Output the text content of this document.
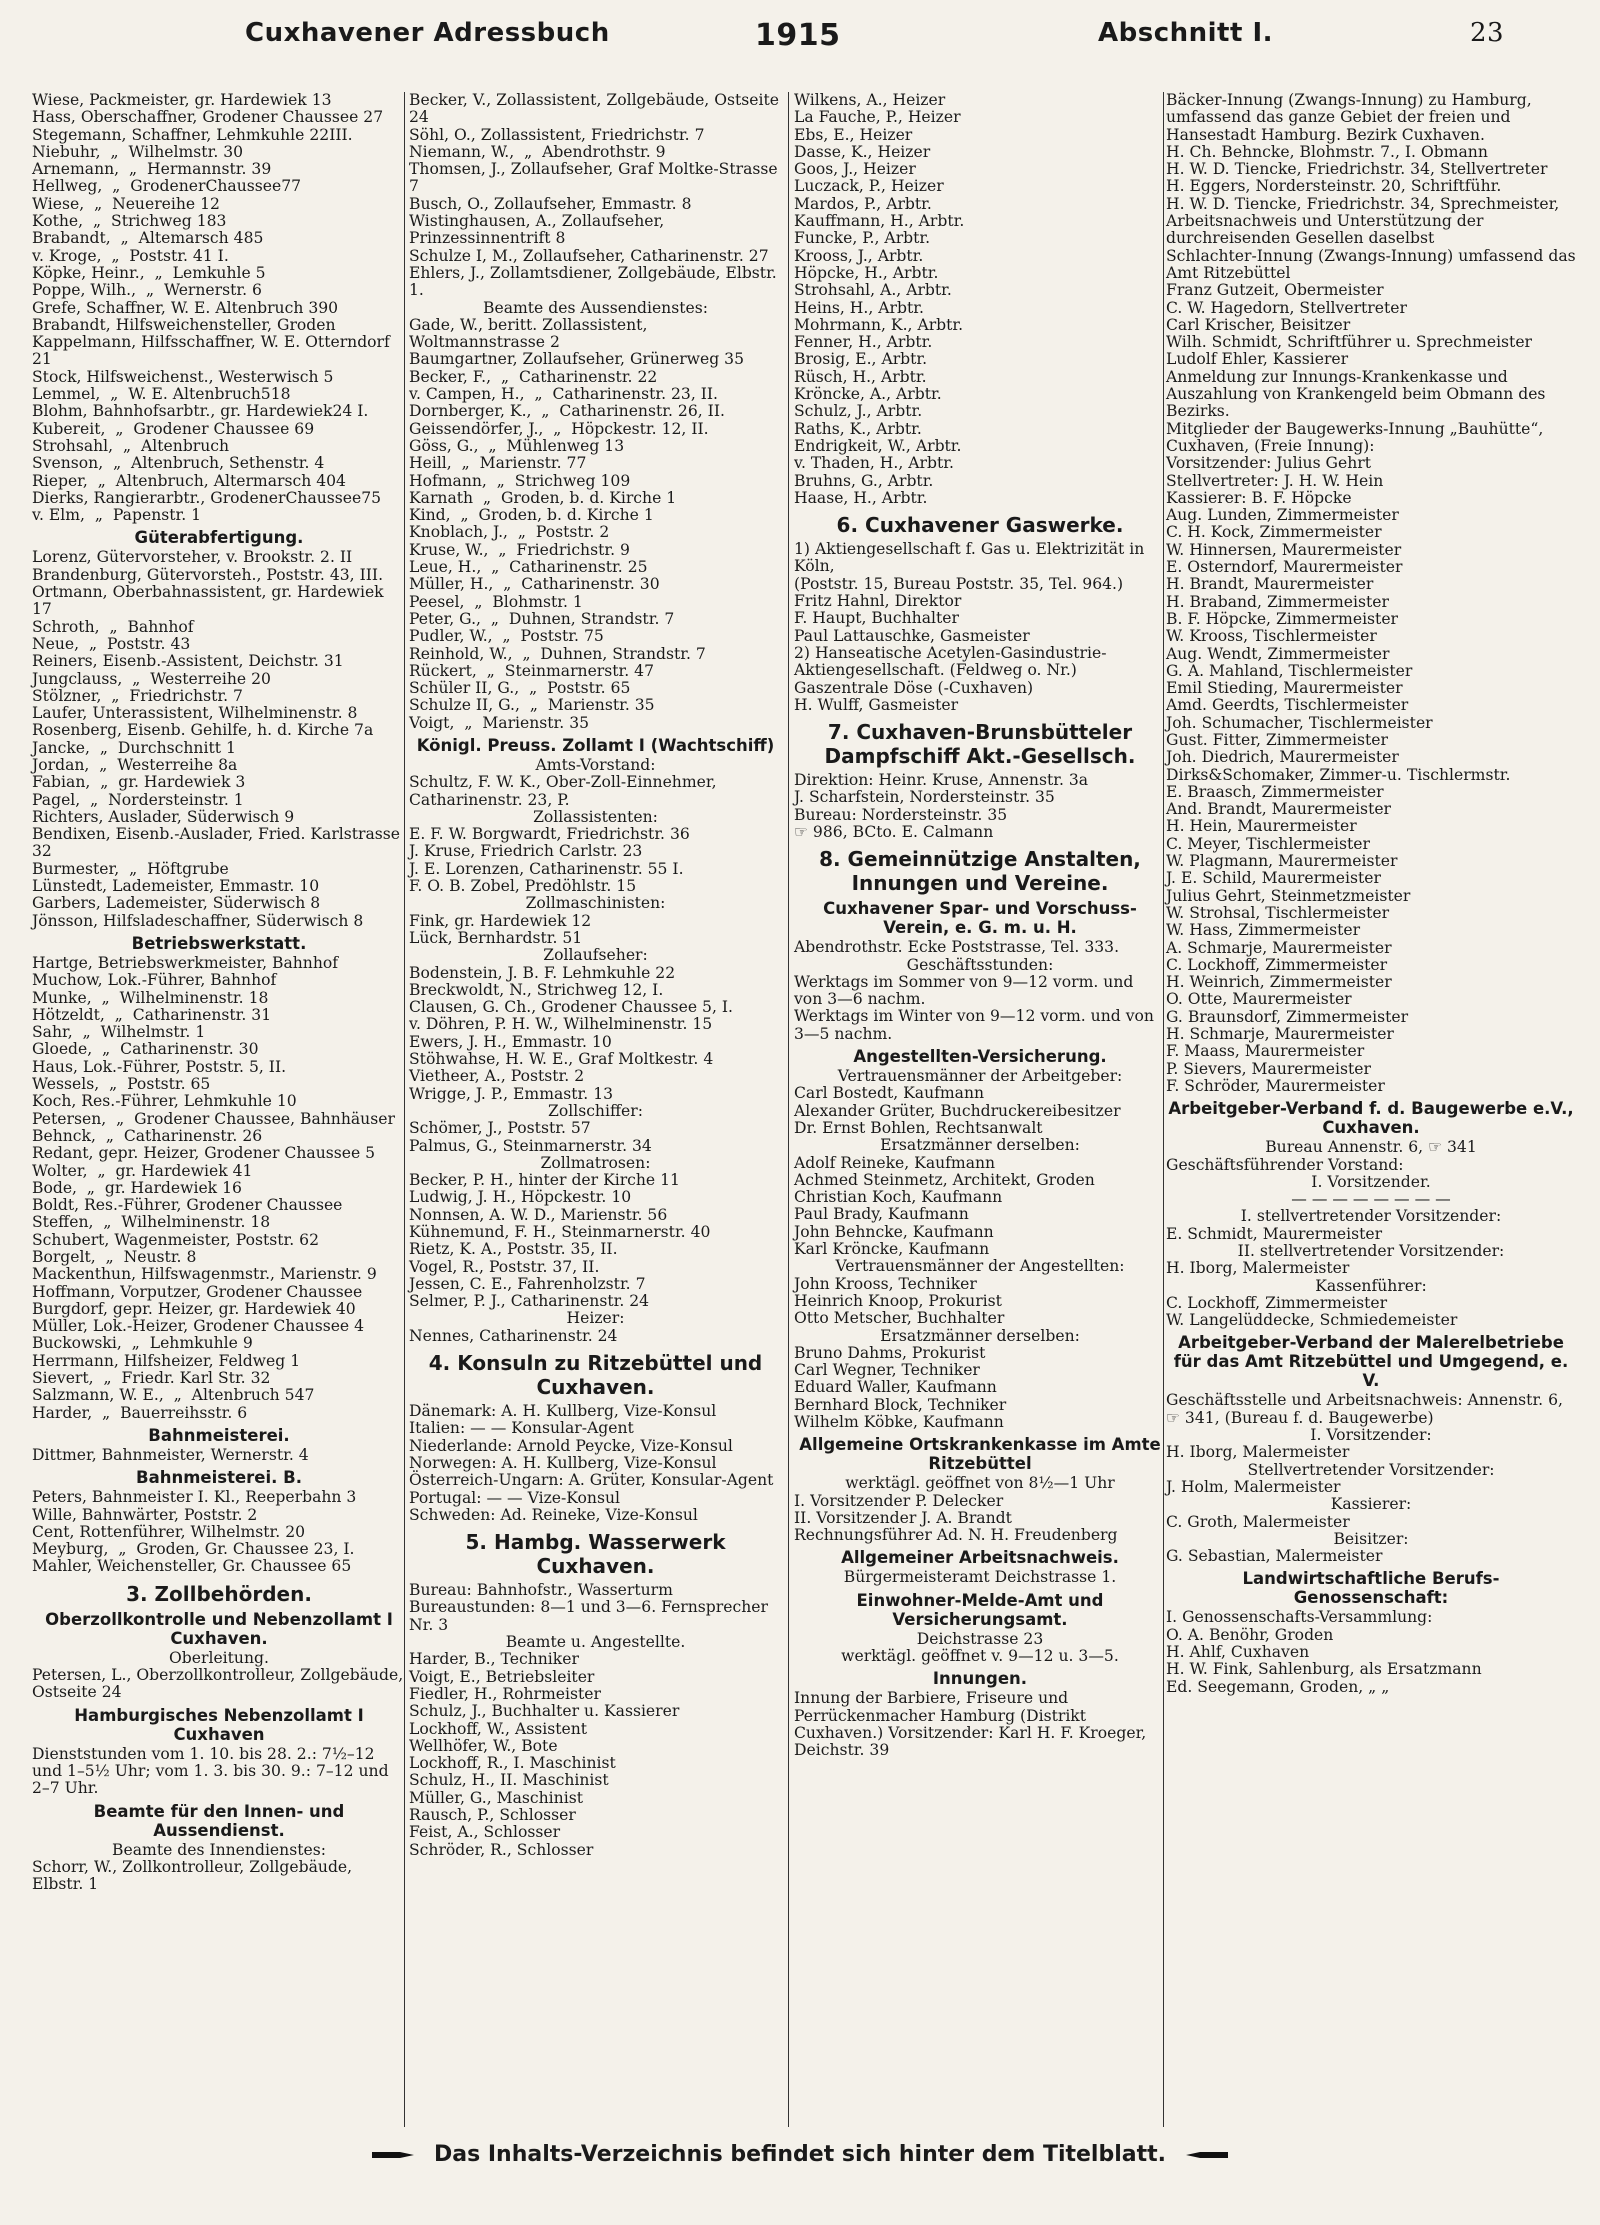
Cuxhavener Adressbuch	1915	Abschnitt I.	23
Wiese, Packmeister, gr. Hardewiek 13
Hass, Oberschaffner, Grodener Chaussee 27
Stegemann, Schaffner, Lehmkuhle 22III.
Niebuhr,  „  Wilhelmstr. 30
Arnemann,  „  Hermannstr. 39
Hellweg,  „  GrodenerChaussee77
Wiese,  „  Neuereihe 12
Kothe,  „  Strichweg 183
Brabandt,  „  Altemarsch 485
v. Kroge,  „  Poststr. 41 I.
Köpke, Heinr.,  „  Lemkuhle 5
Poppe, Wilh.,  „  Wernerstr. 6
Grefe, Schaffner, W. E. Altenbruch 390
Brabandt, Hilfsweichensteller, Groden
Kappelmann, Hilfsschaffner, W. E. Otterndorf 21
Stock, Hilfsweichenst., Westerwisch 5
Lemmel,  „  W. E. Altenbruch518
Blohm, Bahnhofsarbtr., gr. Hardewiek24 I.
Kubereit,  „  Grodener Chaussee 69
Strohsahl,  „  Altenbruch
Svenson,  „  Altenbruch, Sethenstr. 4
Rieper,  „  Altenbruch, Altermarsch 404
Dierks, Rangierarbtr., GrodenerChaussee75
v. Elm,  „  Papenstr. 1
Güterabfertigung.
Lorenz, Gütervorsteher, v. Brookstr. 2. II
Brandenburg, Gütervorsteh., Poststr. 43, III.
Ortmann, Oberbahnassistent, gr. Hardewiek 17
Schroth,  „  Bahnhof
Neue,  „  Poststr. 43
Reiners, Eisenb.-Assistent, Deichstr. 31
Jungclauss,  „  Westerreihe 20
Stölzner,  „  Friedrichstr. 7
Laufer, Unterassistent, Wilhelminenstr. 8
Rosenberg, Eisenb. Gehilfe, h. d. Kirche 7a
Jancke,  „  Durchschnitt 1
Jordan,  „  Westerreihe 8a
Fabian,  „  gr. Hardewiek 3
Pagel,  „  Nordersteinstr. 1
Richters, Auslader, Süderwisch 9
Bendixen, Eisenb.-Auslader, Fried. Karlstrasse 32
Burmester,  „  Höftgrube
Lünstedt, Lademeister, Emmastr. 10
Garbers, Lademeister, Süderwisch 8
Jönsson, Hilfsladeschaffner, Süderwisch 8
Betriebswerkstatt.
Hartge, Betriebswerkmeister, Bahnhof
Muchow, Lok.-Führer, Bahnhof
Munke,  „  Wilhelminenstr. 18
Hötzeldt,  „  Catharinenstr. 31
Sahr,  „  Wilhelmstr. 1
Gloede,  „  Catharinenstr. 30
Haus, Lok.-Führer, Poststr. 5, II.
Wessels,  „  Poststr. 65
Koch, Res.-Führer, Lehmkuhle 10
Petersen,  „  Grodener Chaussee, Bahnhäuser
Behnck,  „  Catharinenstr. 26
Redant, gepr. Heizer, Grodener Chaussee 5
Wolter,  „  gr. Hardewiek 41
Bode,  „  gr. Hardewiek 16
Boldt, Res.-Führer, Grodener Chaussee
Steffen,  „  Wilhelminenstr. 18
Schubert, Wagenmeister, Poststr. 62
Borgelt,  „  Neustr. 8
Mackenthun, Hilfswagenmstr., Marienstr. 9
Hoffmann, Vorputzer, Grodener Chaussee
Burgdorf, gepr. Heizer, gr. Hardewiek 40
Müller, Lok.-Heizer, Grodener Chaussee 4
Buckowski,  „  Lehmkuhle 9
Herrmann, Hilfsheizer, Feldweg 1
Sievert,  „  Friedr. Karl Str. 32
Salzmann, W. E.,  „  Altenbruch 547
Harder,  „  Bauerreihsstr. 6
Bahnmeisterei.
Dittmer, Bahnmeister, Wernerstr. 4
Bahnmeisterei. B.
Peters, Bahnmeister I. Kl., Reeperbahn 3
Wille, Bahnwärter, Poststr. 2
Cent, Rottenführer, Wilhelmstr. 20
Meyburg,  „  Groden, Gr. Chaussee 23, I.
Mahler, Weichensteller, Gr. Chaussee 65
3. Zollbehörden.
Oberzollkontrolle und Nebenzollamt I Cuxhaven.
Oberleitung.
Petersen, L., Oberzollkontrolleur, Zollgebäude, Ostseite 24
Hamburgisches Nebenzollamt I Cuxhaven
Dienststunden vom 1. 10. bis 28. 2.: 7½–12 und 1–5½ Uhr; vom 1. 3. bis 30. 9.: 7–12 und 2–7 Uhr.
Beamte für den Innen- und Aussendienst.
Beamte des Innendienstes:
Schorr, W., Zollkontrolleur, Zollgebäude, Elbstr. 1
Becker, V., Zollassistent, Zollgebäude, Ostseite 24
Söhl, O., Zollassistent, Friedrichstr. 7
Niemann, W.,  „  Abendrothstr. 9
Thomsen, J., Zollaufseher, Graf Moltke-Strasse 7
Busch, O., Zollaufseher, Emmastr. 8
Wistinghausen, A., Zollaufseher, Prinzessinnentrift 8
Schulze I, M., Zollaufseher, Catharinenstr. 27
Ehlers, J., Zollamtsdiener, Zollgebäude, Elbstr. 1.
Beamte des Aussendienstes:
Gade, W., beritt. Zollassistent, Woltmannstrasse 2
Baumgartner, Zollaufseher, Grünerweg 35
Becker, F.,  „  Catharinenstr. 22
v. Campen, H.,  „  Catharinenstr. 23, II.
Dornberger, K.,  „  Catharinenstr. 26, II.
Geissendörfer, J.,  „  Höpckestr. 12, II.
Göss, G.,  „  Mühlenweg 13
Heill,  „  Marienstr. 77
Hofmann,  „  Strichweg 109
Karnath  „  Groden, b. d. Kirche 1
Kind,  „  Groden, b. d. Kirche 1
Knoblach, J.,  „  Poststr. 2
Kruse, W.,  „  Friedrichstr. 9
Leue, H.,  „  Catharinenstr. 25
Müller, H.,  „  Catharinenstr. 30
Peesel,  „  Blohmstr. 1
Peter, G.,  „  Duhnen, Strandstr. 7
Pudler, W.,  „  Poststr. 75
Reinhold, W.,  „  Duhnen, Strandstr. 7
Rückert,  „  Steinmarnerstr. 47
Schüler II, G.,  „  Poststr. 65
Schulze II, G.,  „  Marienstr. 35
Voigt,  „  Marienstr. 35
Königl. Preuss. Zollamt I (Wachtschiff)
Amts-Vorstand:
Schultz, F. W. K., Ober-Zoll-Einnehmer, Catharinenstr. 23, P.
Zollassistenten:
E. F. W. Borgwardt, Friedrichstr. 36
J. Kruse, Friedrich Carlstr. 23
J. E. Lorenzen, Catharinenstr. 55 I.
F. O. B. Zobel, Predöhlstr. 15
Zollmaschinisten:
Fink, gr. Hardewiek 12
Lück, Bernhardstr. 51
Zollaufseher:
Bodenstein, J. B. F. Lehmkuhle 22
Breckwoldt, N., Strichweg 12, I.
Clausen, G. Ch., Grodener Chaussee 5, I.
v. Döhren, P. H. W., Wilhelminenstr. 15
Ewers, J. H., Emmastr. 10
Stöhwahse, H. W. E., Graf Moltkestr. 4
Vietheer, A., Poststr. 2
Wrigge, J. P., Emmastr. 13
Zollschiffer:
Schömer, J., Poststr. 57
Palmus, G., Steinmarnerstr. 34
Zollmatrosen:
Becker, P. H., hinter der Kirche 11
Ludwig, J. H., Höpckestr. 10
Nonnsen, A. W. D., Marienstr. 56
Kühnemund, F. H., Steinmarnerstr. 40
Rietz, K. A., Poststr. 35, II.
Vogel, R., Poststr. 37, II.
Jessen, C. E., Fahrenholzstr. 7
Selmer, P. J., Catharinenstr. 24
Heizer:
Nennes, Catharinenstr. 24
4. Konsuln zu Ritzebüttel und Cuxhaven.
Dänemark: A. H. Kullberg, Vize-Konsul
Italien: — — Konsular-Agent
Niederlande: Arnold Peycke, Vize-Konsul
Norwegen: A. H. Kullberg, Vize-Konsul
Österreich-Ungarn: A. Grüter, Konsular-Agent
Portugal: — — Vize-Konsul
Schweden: Ad. Reineke, Vize-Konsul
5. Hambg. Wasserwerk Cuxhaven.
Bureau: Bahnhofstr., Wasserturm
Bureaustunden: 8—1 und 3—6. Fernsprecher Nr. 3
Beamte u. Angestellte.
Harder, B., Techniker
Voigt, E., Betriebsleiter
Fiedler, H., Rohrmeister
Schulz, J., Buchhalter u. Kassierer
Lockhoff, W., Assistent
Wellhöfer, W., Bote
Lockhoff, R., I. Maschinist
Schulz, H., II. Maschinist
Müller, G., Maschinist
Rausch, P., Schlosser
Feist, A., Schlosser
Schröder, R., Schlosser
Wilkens, A., Heizer
La Fauche, P., Heizer
Ebs, E., Heizer
Dasse, K., Heizer
Goos, J., Heizer
Luczack, P., Heizer
Mardos, P., Arbtr.
Kauffmann, H., Arbtr.
Funcke, P., Arbtr.
Krooss, J., Arbtr.
Höpcke, H., Arbtr.
Strohsahl, A., Arbtr.
Heins, H., Arbtr.
Mohrmann, K., Arbtr.
Fenner, H., Arbtr.
Brosig, E., Arbtr.
Rüsch, H., Arbtr.
Kröncke, A., Arbtr.
Schulz, J., Arbtr.
Raths, K., Arbtr.
Endrigkeit, W., Arbtr.
v. Thaden, H., Arbtr.
Bruhns, G., Arbtr.
Haase, H., Arbtr.
6. Cuxhavener Gaswerke.
1) Aktiengesellschaft f. Gas u. Elektrizität in Köln,
(Poststr. 15, Bureau Poststr. 35, Tel. 964.)
Fritz Hahnl, Direktor
F. Haupt, Buchhalter
Paul Lattauschke, Gasmeister
2) Hanseatische Acetylen-Gasindustrie-Aktiengesellschaft. (Feldweg o. Nr.)
Gaszentrale Döse (-Cuxhaven)
H. Wulff, Gasmeister
7. Cuxhaven-Brunsbütteler Dampfschiff Akt.-Gesellsch.
Direktion: Heinr. Kruse, Annenstr. 3a
J. Scharfstein, Nordersteinstr. 35
Bureau: Nordersteinstr. 35
☞ 986, BCto. E. Calmann
8. Gemeinnützige Anstalten, Innungen und Vereine.
Cuxhavener Spar- und Vorschuss-Verein, e. G. m. u. H.
Abendrothstr. Ecke Poststrasse, Tel. 333.
Geschäftsstunden:
Werktags im Sommer von 9—12 vorm. und von 3—6 nachm.
Werktags im Winter von 9—12 vorm. und von 3—5 nachm.
Angestellten-Versicherung.
Vertrauensmänner der Arbeitgeber:
Carl Bostedt, Kaufmann
Alexander Grüter, Buchdruckereibesitzer
Dr. Ernst Bohlen, Rechtsanwalt
Ersatzmänner derselben:
Adolf Reineke, Kaufmann
Achmed Steinmetz, Architekt, Groden
Christian Koch, Kaufmann
Paul Brady, Kaufmann
John Behncke, Kaufmann
Karl Kröncke, Kaufmann
Vertrauensmänner der Angestellten:
John Krooss, Techniker
Heinrich Knoop, Prokurist
Otto Metscher, Buchhalter
Ersatzmänner derselben:
Bruno Dahms, Prokurist
Carl Wegner, Techniker
Eduard Waller, Kaufmann
Bernhard Block, Techniker
Wilhelm Köbke, Kaufmann
Allgemeine Ortskrankenkasse im Amte Ritzebüttel
werktägl. geöffnet von 8½—1 Uhr
I. Vorsitzender P. Delecker
II. Vorsitzender J. A. Brandt
Rechnungsführer Ad. N. H. Freudenberg
Allgemeiner Arbeitsnachweis.
Bürgermeisteramt Deichstrasse 1.
Einwohner-Melde-Amt und Versicherungsamt.
Deichstrasse 23
werktägl. geöffnet v. 9—12 u. 3—5.
Innungen.
Innung der Barbiere, Friseure und Perrückenmacher Hamburg (Distrikt Cuxhaven.) Vorsitzender: Karl H. F. Kroeger, Deichstr. 39
Bäcker-Innung (Zwangs-Innung) zu Hamburg, umfassend das ganze Gebiet der freien und Hansestadt Hamburg. Bezirk Cuxhaven.
H. Ch. Behncke, Blohmstr. 7., I. Obmann
H. W. D. Tiencke, Friedrichstr. 34, Stellvertreter
H. Eggers, Nordersteinstr. 20, Schriftführ.
H. W. D. Tiencke, Friedrichstr. 34, Sprechmeister, Arbeitsnachweis und Unterstützung der durchreisenden Gesellen daselbst
Schlachter-Innung (Zwangs-Innung) umfassend das Amt Ritzebüttel
Franz Gutzeit, Obermeister
C. W. Hagedorn, Stellvertreter
Carl Krischer, Beisitzer
Wilh. Schmidt, Schriftführer u. Sprechmeister
Ludolf Ehler, Kassierer
Anmeldung zur Innungs-Krankenkasse und Auszahlung von Krankengeld beim Obmann des Bezirks.
Mitglieder der Baugewerks-Innung „Bauhütte“, Cuxhaven, (Freie Innung):
Vorsitzender: Julius Gehrt
Stellvertreter: J. H. W. Hein
Kassierer: B. F. Höpcke
Aug. Lunden, Zimmermeister
C. H. Kock, Zimmermeister
W. Hinnersen, Maurermeister
E. Osterndorf, Maurermeister
H. Brandt, Maurermeister
H. Braband, Zimmermeister
B. F. Höpcke, Zimmermeister
W. Krooss, Tischlermeister
Aug. Wendt, Zimmermeister
G. A. Mahland, Tischlermeister
Emil Stieding, Maurermeister
Amd. Geerdts, Tischlermeister
Joh. Schumacher, Tischlermeister
Gust. Fitter, Zimmermeister
Joh. Diedrich, Maurermeister
Dirks&Schomaker, Zimmer-u. Tischlermstr.
E. Braasch, Zimmermeister
And. Brandt, Maurermeister
H. Hein, Maurermeister
C. Meyer, Tischlermeister
W. Plagmann, Maurermeister
J. E. Schild, Maurermeister
Julius Gehrt, Steinmetzmeister
W. Strohsal, Tischlermeister
W. Hass, Zimmermeister
A. Schmarje, Maurermeister
C. Lockhoff, Zimmermeister
H. Weinrich, Zimmermeister
O. Otte, Maurermeister
G. Braunsdorf, Zimmermeister
H. Schmarje, Maurermeister
F. Maass, Maurermeister
P. Sievers, Maurermeister
F. Schröder, Maurermeister
Arbeitgeber-Verband f. d. Baugewerbe e.V., Cuxhaven.
Bureau Annenstr. 6, ☞ 341
Geschäftsführender Vorstand:
I. Vorsitzender.
— — — — — — — —
I. stellvertretender Vorsitzender:
E. Schmidt, Maurermeister
II. stellvertretender Vorsitzender:
H. Iborg, Malermeister
Kassenführer:
C. Lockhoff, Zimmermeister
W. Langelüddecke, Schmiedemeister
Arbeitgeber-Verband der Malerelbetriebe für das Amt Ritzebüttel und Umgegend, e. V.
Geschäftsstelle und Arbeitsnachweis: Annenstr. 6, ☞ 341, (Bureau f. d. Baugewerbe)
I. Vorsitzender:
H. Iborg, Malermeister
Stellvertretender Vorsitzender:
J. Holm, Malermeister
Kassierer:
C. Groth, Malermeister
Beisitzer:
G. Sebastian, Malermeister
Landwirtschaftliche Berufs-Genossenschaft:
I. Genossenschafts-Versammlung:
O. A. Benöhr, Groden
H. Ahlf, Cuxhaven
H. W. Fink, Sahlenburg, als Ersatzmann
Ed. Seegemann, Groden, „ „
Das Inhalts-Verzeichnis befindet sich hinter dem Titelblatt.
